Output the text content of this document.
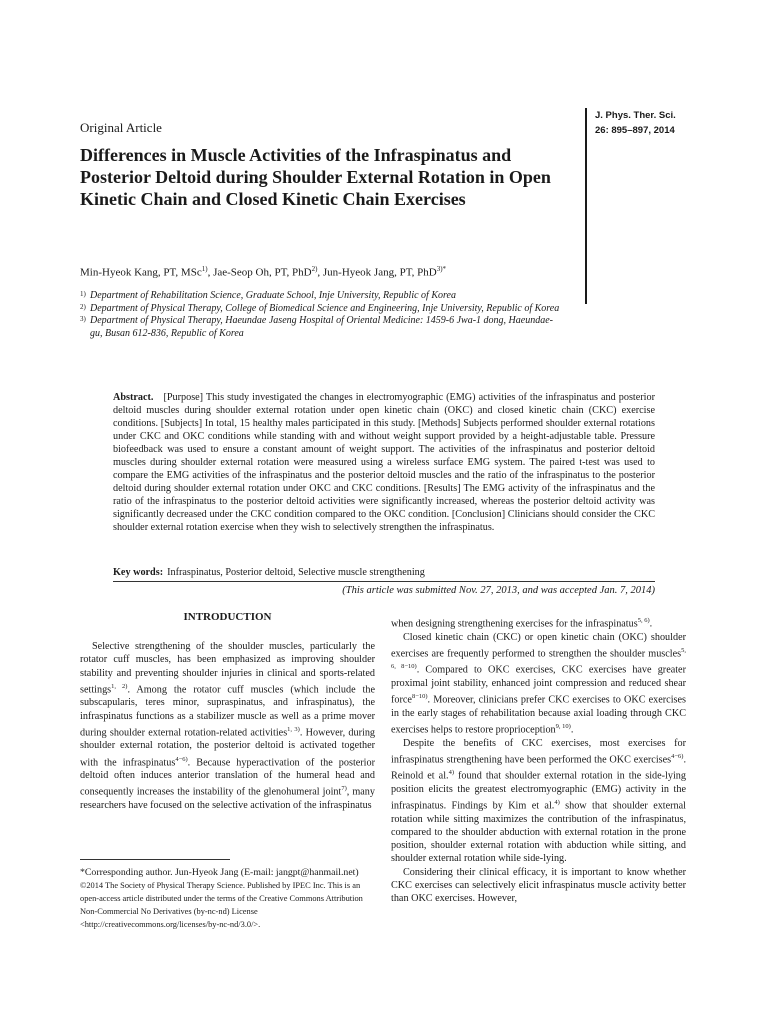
J. Phys. Ther. Sci.

26: 895–897, 2014

Original Article
Differences in Muscle Activities of the Infraspinatus and Posterior Deltoid during Shoulder External Rotation in Open Kinetic Chain and Closed Kinetic Chain Exercises

Min-Hyeok Kang, PT, MSc$^{1)}$, Jae-Seop Oh, PT, PhD$^{2)}$, Jun-Hyeok Jang, PT, PhD$^{3)*}$

1) Department of Rehabilitation Science, Graduate School, Inje University, Republic of Korea
2) Department of Physical Therapy, College of Biomedical Science and Engineering, Inje University, Republic of Korea
3) Department of Physical Therapy, Haeundae Jaseng Hospital of Oriental Medicine: 1459-6 Jwa-1 dong, Haeundae-gu, Busan 612-836, Republic of Korea

Abstract. [Purpose] This study investigated the changes in electromyographic (EMG) activities of the infraspinatus and posterior deltoid muscles during shoulder external rotation under open kinetic chain (OKC) and closed kinetic chain (CKC) exercise conditions. [Subjects] In total, 15 healthy males participated in this study. [Methods] Subjects performed shoulder external rotations under CKC and OKC conditions while standing with and without weight support provided by a height-adjustable table. Pressure biofeedback was used to ensure a constant amount of weight support. The activities of the infraspinatus and posterior deltoid muscles during shoulder external rotation were measured using a wireless surface EMG system. The paired t-test was used to compare the EMG activities of the infraspinatus and the posterior deltoid muscles and the ratio of the infraspinatus to the posterior deltoid during shoulder external rotation under OKC and CKC conditions. [Results] The EMG activity of the infraspinatus and the ratio of the infraspinatus to the posterior deltoid activities were significantly increased, whereas the posterior deltoid activity was significantly decreased under the CKC condition compared to the OKC condition. [Conclusion] Clinicians should consider the CKC shoulder external rotation exercise when they wish to selectively strengthen the infraspinatus.

Key words: Infraspinatus, Posterior deltoid, Selective muscle strengthening
(This article was submitted Nov. 27, 2013, and was accepted Jan. 7, 2014)
INTRODUCTION

Selective strengthening of the shoulder muscles, particularly the rotator cuff muscles, has been emphasized as improving shoulder stability and preventing shoulder injuries in clinical and sports-related settings$^{1, 2)}$. Among the rotator cuff muscles (which include the subscapularis, teres minor, supraspinatus, and infraspinatus), the infraspinatus functions as a stabilizer muscle as well as a prime mover during shoulder external rotation-related activities$^{1, 3)}$. However, during shoulder external rotation, the posterior deltoid is activated together with the infraspinatus$^{4-6)}$. Because hyperactivation of the posterior deltoid often induces anterior translation of the humeral head and consequently increases the instability of the glenohumeral joint$^{7)}$, many researchers have focused on the selective activation of the infraspinatus

when designing strengthening exercises for the infraspinatus$^{5, 6)}$.

Closed kinetic chain (CKC) or open kinetic chain (OKC) shoulder exercises are frequently performed to strengthen the shoulder muscles$^{5, 6, 8-10)}$. Compared to OKC exercises, CKC exercises have greater proximal joint stability, enhanced joint compression and reduced shear force$^{8-10)}$. Moreover, clinicians prefer CKC exercises to OKC exercises in the early stages of rehabilitation because axial loading through CKC exercises helps to restore proprioception$^{9, 10)}$.

Despite the benefits of CKC exercises, most exercises for infraspinatus strengthening have been performed the OKC exercises$^{4-6)}$. Reinold et al.$^{4)}$ found that shoulder external rotation in the side-lying position elicits the greatest electromyographic (EMG) activity in the infraspinatus. Findings by Kim et al.$^{4)}$ show that shoulder external rotation while sitting maximizes the contribution of the infraspinatus, compared to the shoulder abduction with external rotation in the prone position, shoulder external rotation with abduction while sitting, and shoulder external rotation while side-lying.

Considering their clinical efficacy, it is important to know whether CKC exercises can selectively elicit infraspinatus muscle activity better than OKC exercises. However,

*Corresponding author. Jun-Hyeok Jang (E-mail: jangpt@hanmail.net)

©2014 The Society of Physical Therapy Science. Published by IPEC Inc. This is an open-access article distributed under the terms of the Creative Commons Attribution Non-Commercial No Derivatives (by-nc-nd) License <http://creativecommons.org/licenses/by-nc-nd/3.0/>.
